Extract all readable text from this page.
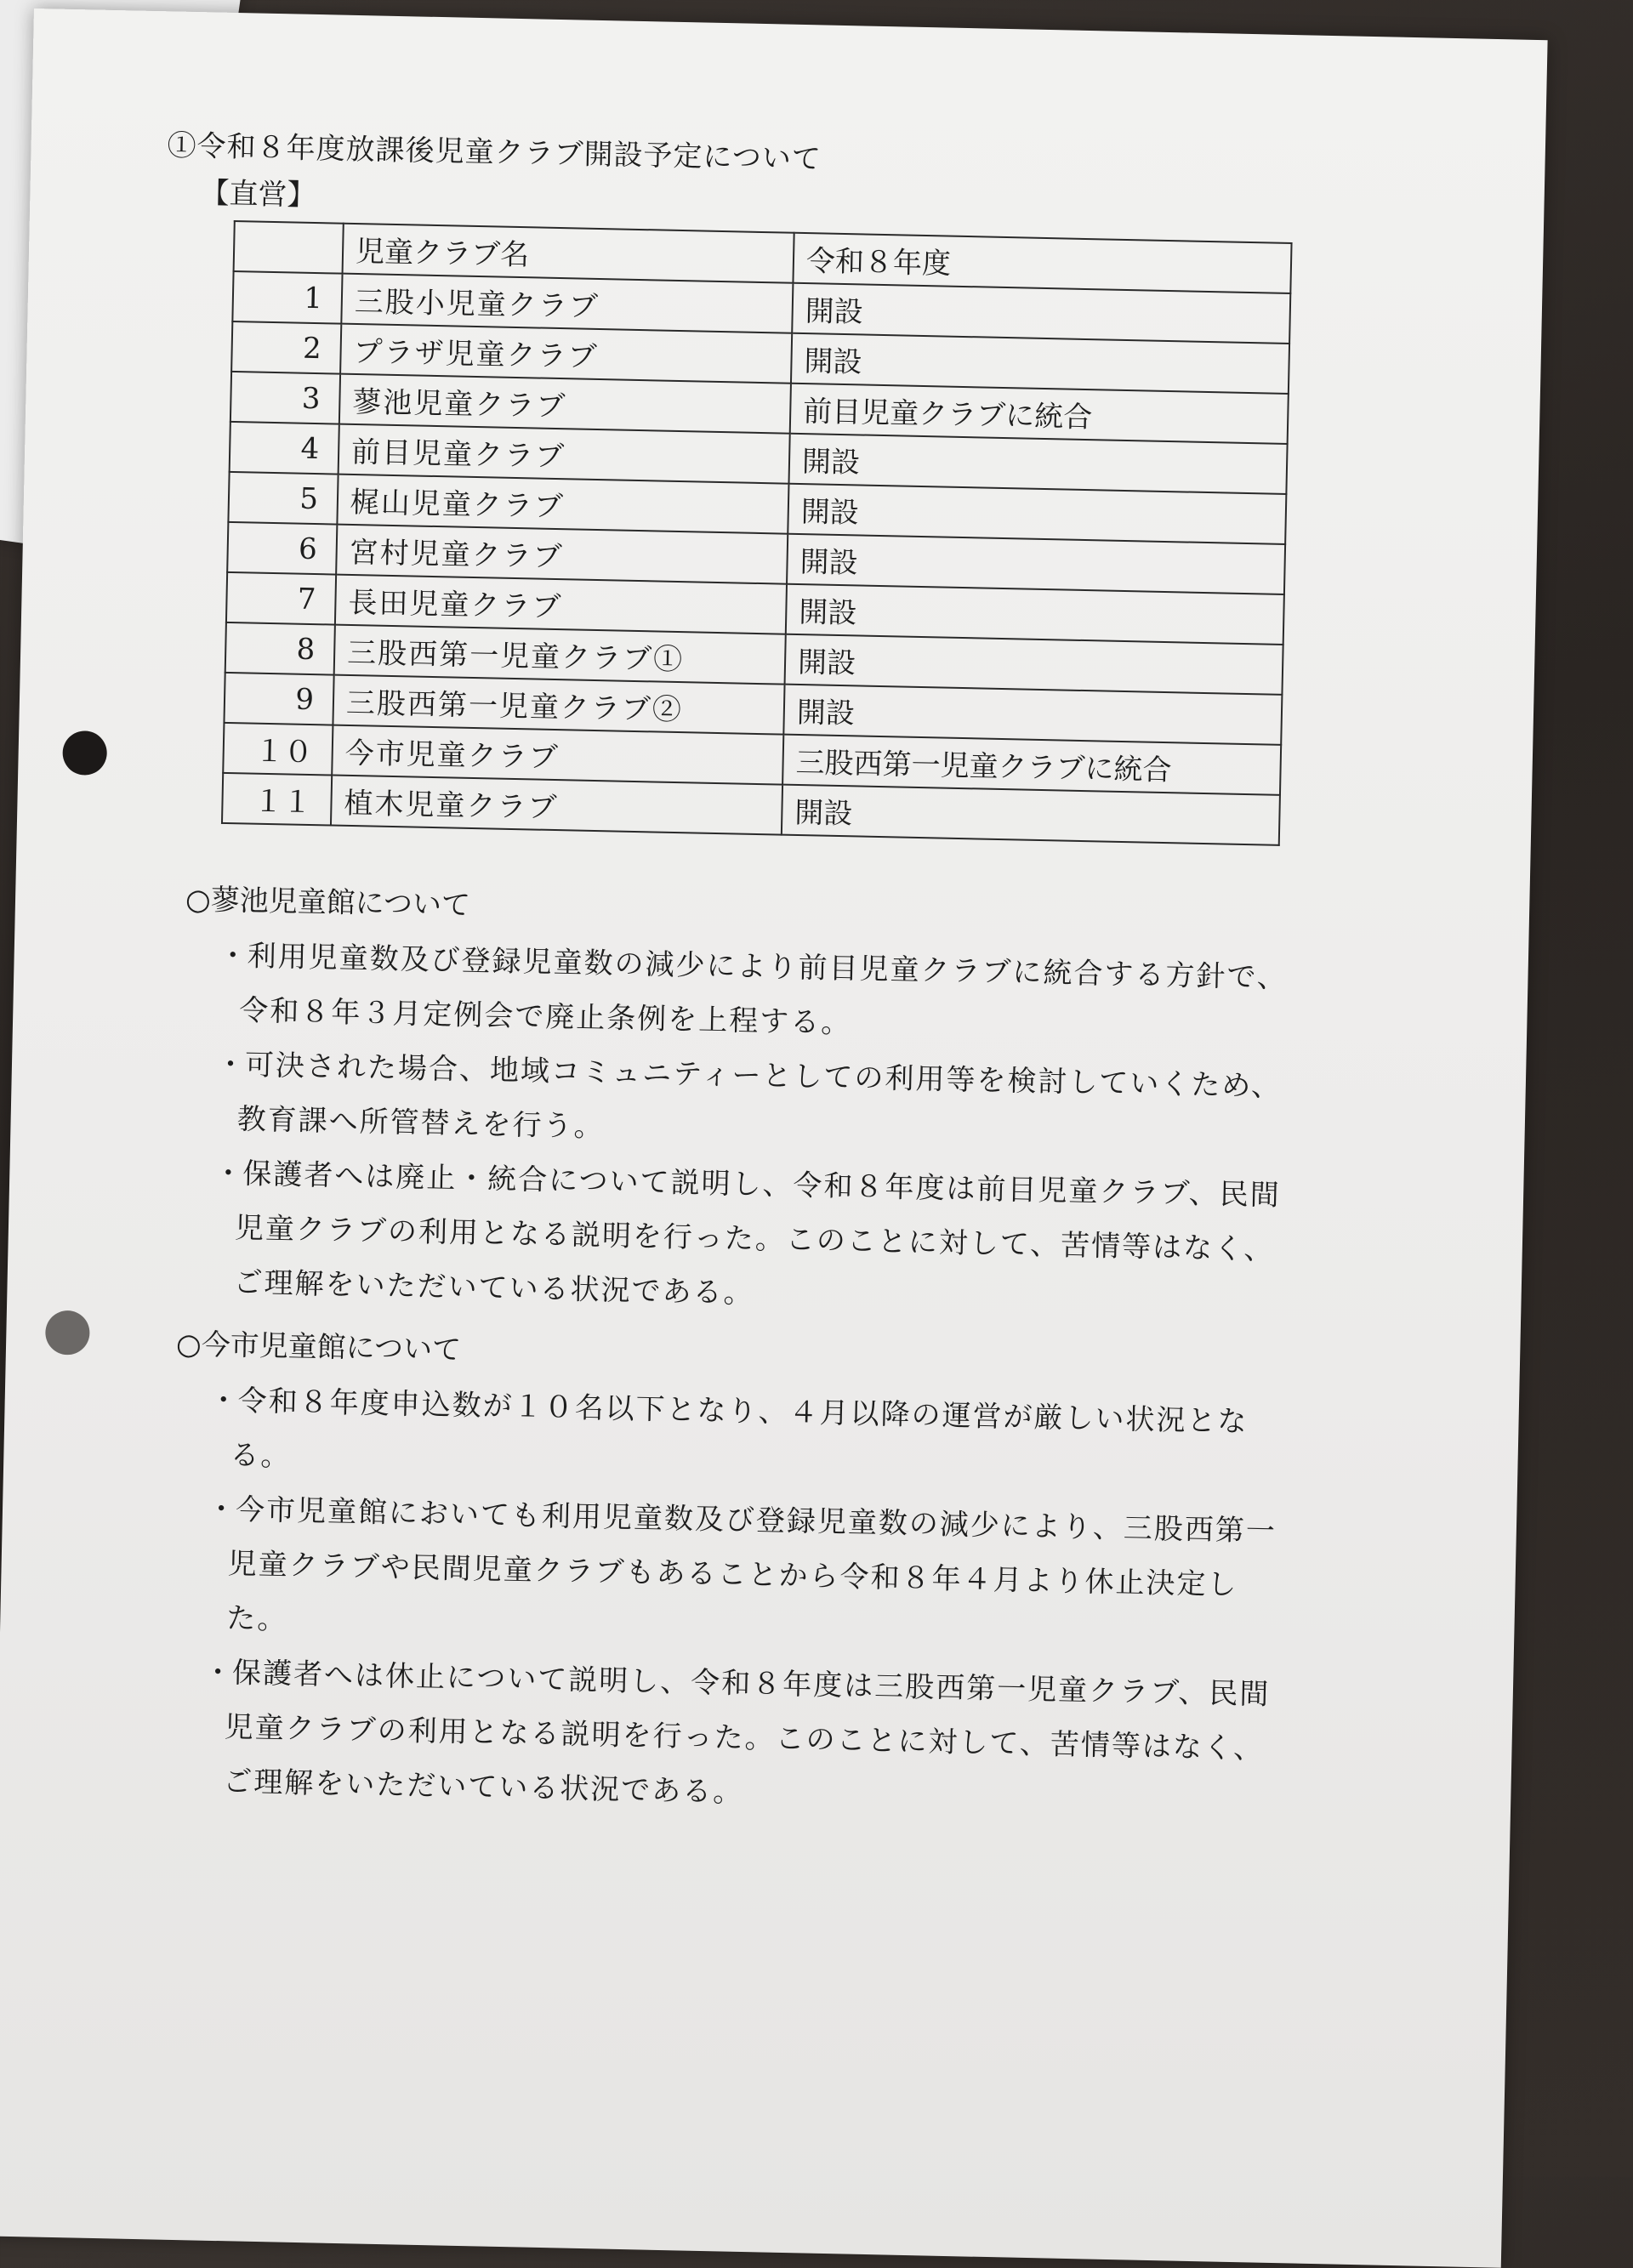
①令和８年度放課後児童クラブ開設予定について
【直営】
	児童クラブ名	令和８年度
1	三股小児童クラブ	開設
2	プラザ児童クラブ	開設
3	蓼池児童クラブ	前目児童クラブに統合
4	前目児童クラブ	開設
5	梶山児童クラブ	開設
6	宮村児童クラブ	開設
7	長田児童クラブ	開設
8	三股西第一児童クラブ①	開設
9	三股西第一児童クラブ②	開設
１０	今市児童クラブ	三股西第一児童クラブに統合
１１	植木児童クラブ	開設
○蓼池児童館について
・ 利用児童数及び登録児童数の減少により前目児童クラブに統合する方針で、令和８年３月定例会で廃止条例を上程する。
・ 可決された場合、地域コミュニティーとしての利用等を検討していくため、教育課へ所管替えを行う。
・ 保護者へは廃止・統合について説明し、令和８年度は前目児童クラブ、民間児童クラブの利用となる説明を行った。このことに対して、苦情等はなく、ご理解をいただいている状況である。
○今市児童館について
・ 令和８年度申込数が１０名以下となり、４月以降の運営が厳しい状況となる。
・ 今市児童館においても利用児童数及び登録児童数の減少により、三股西第一児童クラブや民間児童クラブもあることから令和８年４月より休止決定した。
・ 保護者へは休止について説明し、令和８年度は三股西第一児童クラブ、民間児童クラブの利用となる説明を行った。このことに対して、苦情等はなく、ご理解をいただいている状況である。
